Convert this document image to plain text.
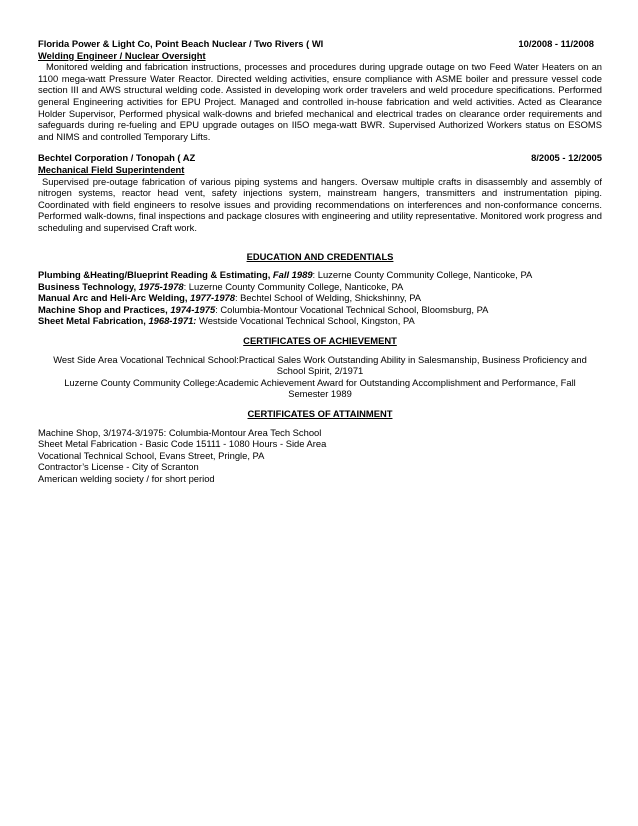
Florida Power & Light Co, Point Beach Nuclear / Two Rivers ( WI	10/2008 - 11/2008
Welding Engineer / Nuclear Oversight
Monitored welding and fabrication instructions, processes and procedures during upgrade outage on two Feed Water Heaters on an 1100 mega-watt Pressure Water Reactor. Directed welding activities, ensure compliance with ASME boiler and pressure vessel code section III and AWS structural welding code. Assisted in developing work order travelers and weld procedure specifications. Performed general Engineering activities for EPU Project. Managed and controlled in-house fabrication and weld activities. Acted as Clearance Holder Supervisor, Performed physical walk-downs and briefed mechanical and electrical trades on clearance order requirements and safeguards during re-fueling and EPU upgrade outages on II5O mega-watt BWR. Supervised Authorized Workers status on ESOMS and NIMS and controlled Temporary Lifts.
Bechtel Corporation / Tonopah ( AZ	8/2005 - 12/2005
Mechanical Field Superintendent
Supervised pre-outage fabrication of various piping systems and hangers. Oversaw multiple crafts in disassembly and assembly of nitrogen systems, reactor head vent, safety injections system, mainstream hangers, transmitters and instrumentation piping. Coordinated with field engineers to resolve issues and providing recommendations on interferences and non-conformance concerns. Performed walk-downs, final inspections and package closures with engineering and utility representative. Monitored work progress and scheduling and supervised Craft work.
EDUCATION AND CREDENTIALS
Plumbing &Heating/Blueprint Reading & Estimating, Fall 1989: Luzerne County Community College, Nanticoke, PA
Business Technology, 1975-1978: Luzerne County Community College, Nanticoke, PA
Manual Arc and Heli-Arc Welding, 1977-1978: Bechtel School of Welding, Shickshinny, PA
Machine Shop and Practices, 1974-1975: Columbia-Montour Vocational Technical School, Bloomsburg, PA
Sheet Metal Fabrication, 1968-1971: Westside Vocational Technical School, Kingston, PA
CERTIFICATES OF ACHIEVEMENT

West Side Area Vocational Technical School:Practical Sales Work Outstanding Ability in Salesmanship, Business Proficiency and School Spirit, 2/1971

Luzerne County Community College:Academic Achievement Award for Outstanding Accomplishment and Performance, Fall Semester 1989

CERTIFICATES OF ATTAINMENT
Machine Shop, 3/1974-3/1975: Columbia-Montour Area Tech School
Sheet Metal Fabrication - Basic Code 15111 - 1080 Hours - Side Area
Vocational Technical School, Evans Street, Pringle, PA
Contractor’s License - City of Scranton
American welding society / for short period
